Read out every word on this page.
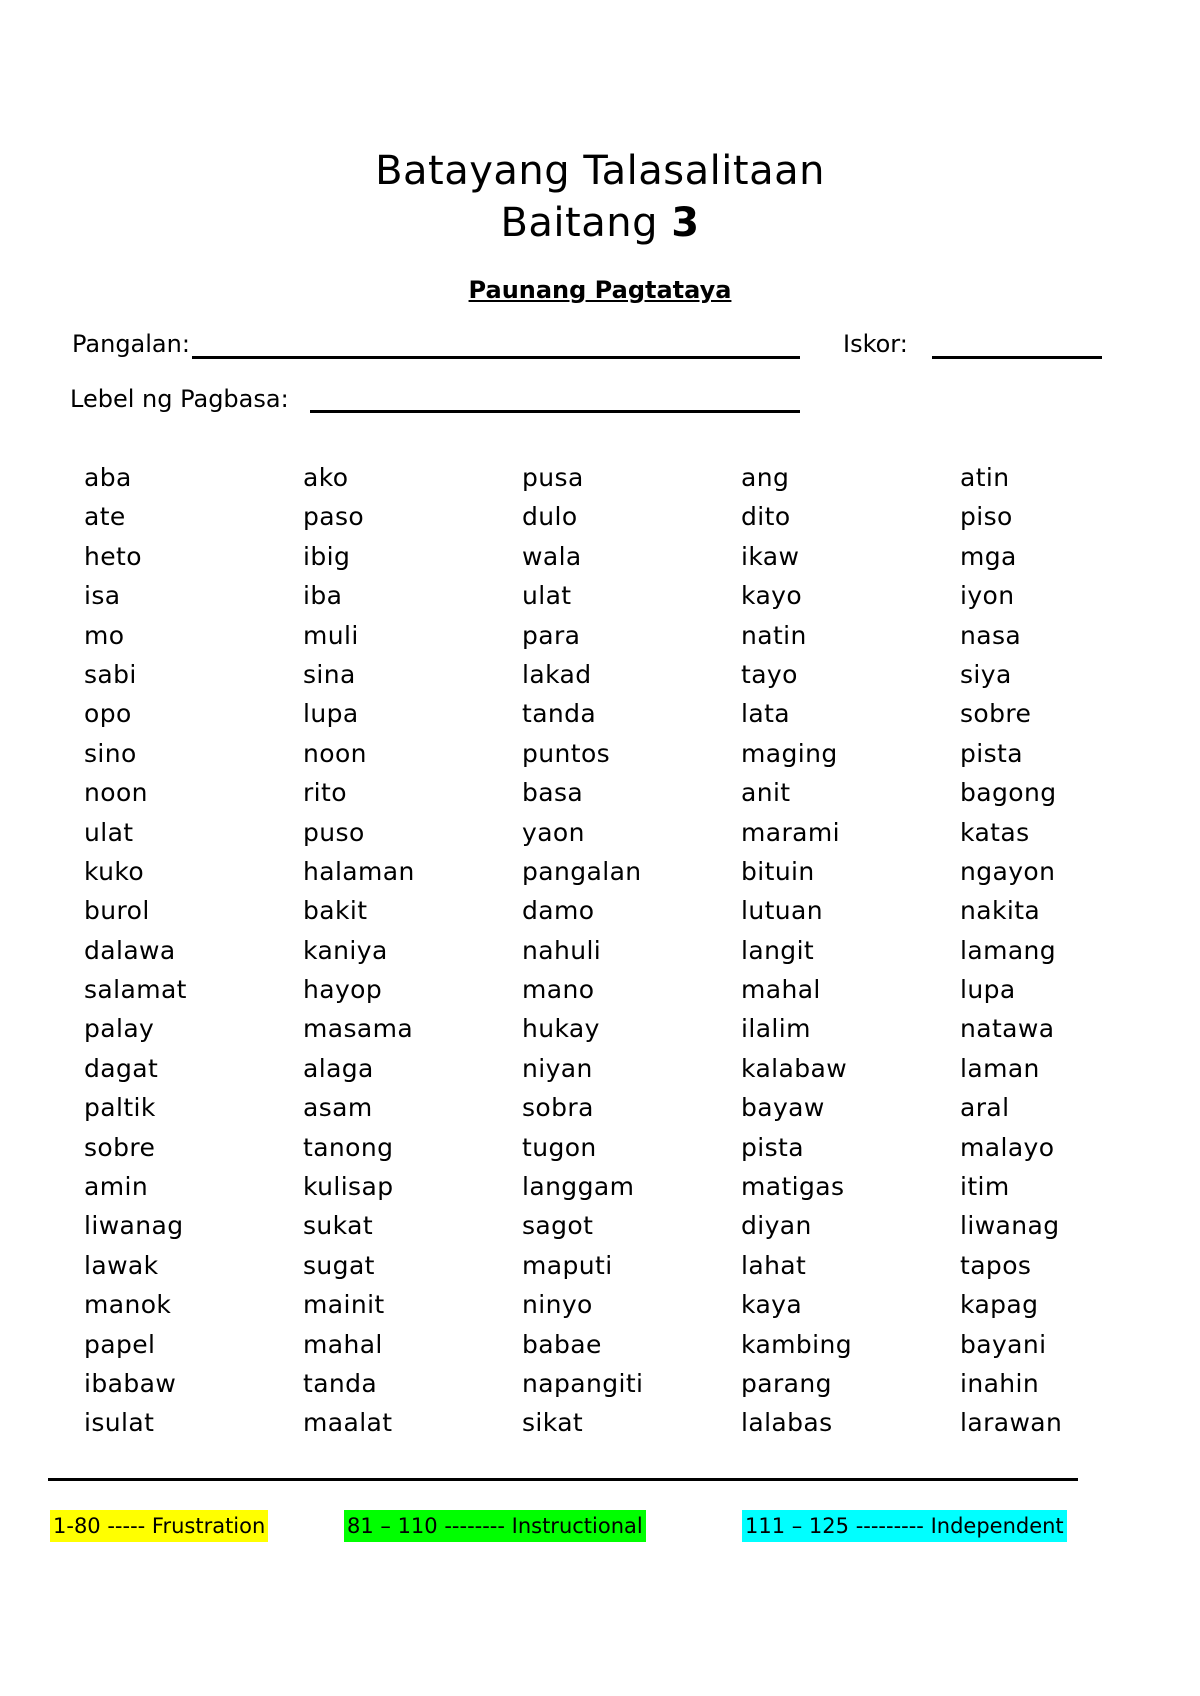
Batayang Talasalitaan
Baitang 3
Paunang Pagtataya
Pangalan:	Iskor:
Lebel ng Pagbasa:
aba	ako	pusa	ang	atin
ate	paso	dulo	dito	piso
heto	ibig	wala	ikaw	mga
isa	iba	ulat	kayo	iyon
mo	muli	para	natin	nasa
sabi	sina	lakad	tayo	siya
opo	lupa	tanda	lata	sobre
sino	noon	puntos	maging	pista
noon	rito	basa	anit	bagong
ulat	puso	yaon	marami	katas
kuko	halaman	pangalan	bituin	ngayon
burol	bakit	damo	lutuan	nakita
dalawa	kaniya	nahuli	langit	lamang
salamat	hayop	mano	mahal	lupa
palay	masama	hukay	ilalim	natawa
dagat	alaga	niyan	kalabaw	laman
paltik	asam	sobra	bayaw	aral
sobre	tanong	tugon	pista	malayo
amin	kulisap	langgam	matigas	itim
liwanag	sukat	sagot	diyan	liwanag
lawak	sugat	maputi	lahat	tapos
manok	mainit	ninyo	kaya	kapag
papel	mahal	babae	kambing	bayani
ibabaw	tanda	napangiti	parang	inahin
isulat	maalat	sikat	lalabas	larawan
1-80 ----- Frustration	81 – 110 -------- Instructional	111 – 125 --------- Independent
